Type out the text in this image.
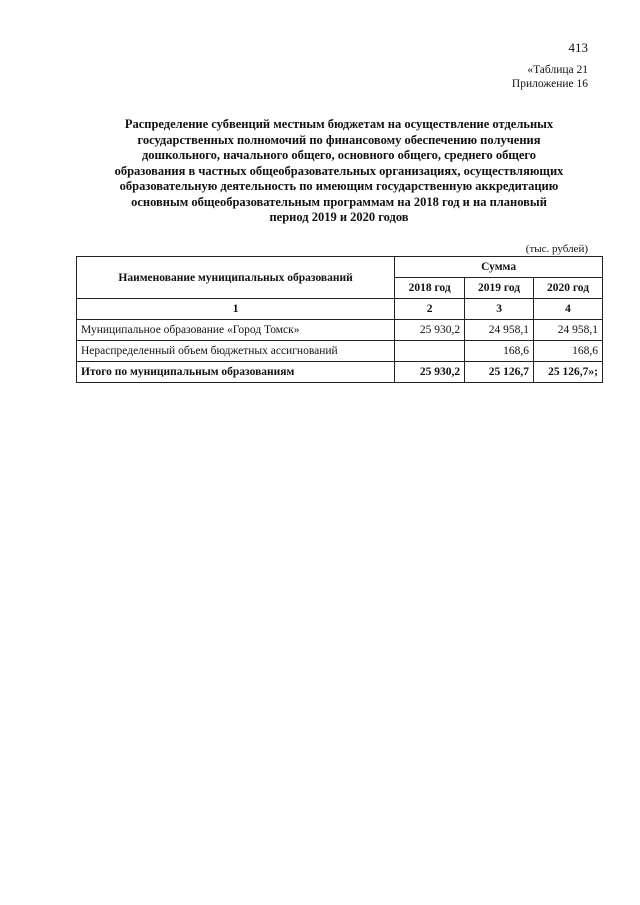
413
«Таблица 21
Приложение 16
Распределение субвенций местным бюджетам на осуществление отдельных
государственных полномочий по финансовому обеспечению получения
дошкольного, начального общего, основного общего, среднего общего
образования в частных общеобразовательных организациях, осуществляющих
образовательную деятельность по имеющим государственную аккредитацию
основным общеобразовательным программам на 2018 год и на плановый
период 2019 и 2020 годов
(тыс. рублей)
Наименование муниципальных образований	Сумма		
	2018 год	2019 год	2020 год
1	2	3	4
Муниципальное образование «Город Томск»	25 930,2	24 958,1	24 958,1
Нераспределенный объем бюджетных ассигнований		168,6	168,6
Итого по муниципальным образованиям	25 930,2	25 126,7	25 126,7»;
